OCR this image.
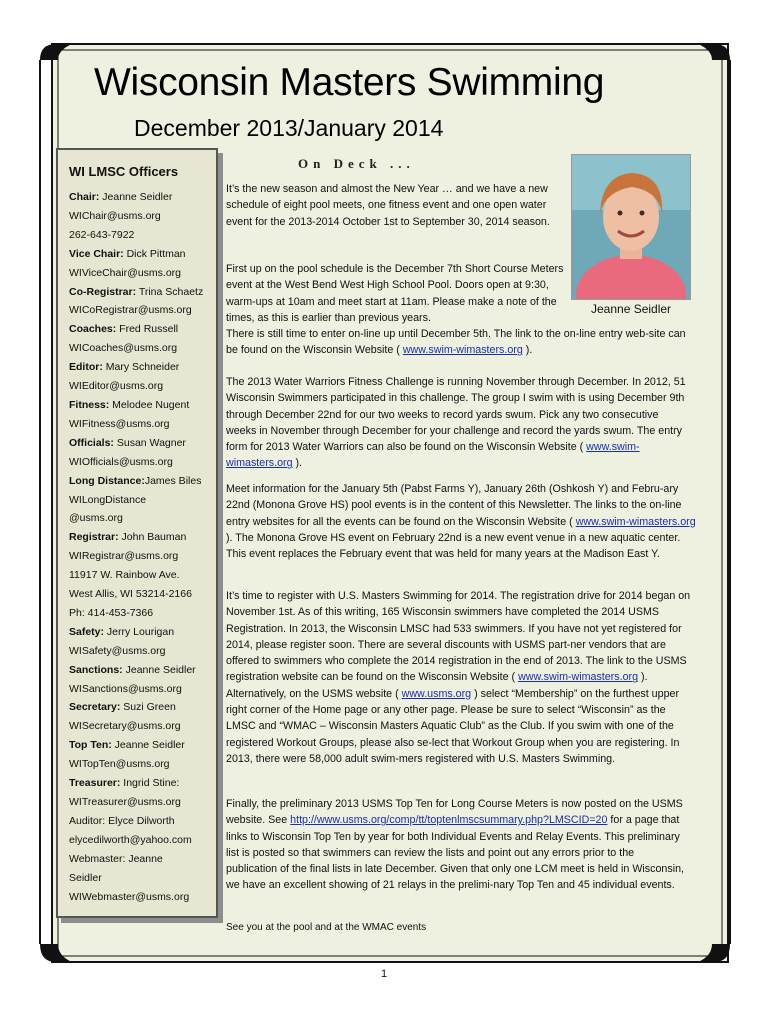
Wisconsin Masters Swimming
December 2013/January 2014
WI LMSC Officers
Chair: Jeanne Seidler
WIChair@usms.org
262-643-7922
Vice Chair: Dick Pittman
WIViceChair@usms.org
Co-Registrar: Trina Schaetz
WICoRegistrar@usms.org
Coaches: Fred Russell
WICoaches@usms.org
Editor: Mary Schneider
WIEditor@usms.org
Fitness: Melodee Nugent
WIFitness@usms.org
Officials: Susan Wagner
WIOfficials@usms.org
Long Distance:James Biles
WILongDistance
@usms.org
Registrar: John Bauman
WIRegistrar@usms.org
11917 W. Rainbow Ave.
West Allis, WI 53214-2166
Ph: 414-453-7366
Safety: Jerry Lourigan
WISafety@usms.org
Sanctions: Jeanne Seidler
WISanctions@usms.org
Secretary: Suzi Green
WISecretary@usms.org
Top Ten: Jeanne Seidler
WITopTen@usms.org
Treasurer: Ingrid Stine:
WITreasurer@usms.org
Auditor: Elyce Dilworth
elycedilworth@yahoo.com
Webmaster: Jeanne
Seidler
WIWebmaster@usms.org
On Deck ...
Jeanne Seidler

It’s the new season and almost the New Year … and we have a new schedule of eight pool meets, one fitness event and one open water event for the 2013-2014 October 1st to September 30, 2014 season.

First up on the pool schedule is the December 7th Short Course Meters event at the West Bend West High School Pool. Doors open at 9:30, warm-ups at 10am and meet start at 11am. Please make a note of the times, as this is earlier than previous years.

There is still time to enter on-line up until December 5th. The link to the on-line entry web-site can be found on the Wisconsin Website ( www.swim-wimasters.org ).

The 2013 Water Warriors Fitness Challenge is running November through December. In 2012, 51 Wisconsin Swimmers participated in this challenge. The group I swim with is using December 9th through December 22nd for our two weeks to record yards swum. Pick any two consecutive weeks in November through December for your challenge and record the yards swum. The entry form for 2013 Water Warriors can also be found on the Wisconsin Website ( www.swim-wimasters.org ).

Meet information for the January 5th (Pabst Farms Y), January 26th (Oshkosh Y) and Febru-ary 22nd (Monona Grove HS) pool events is in the content of this Newsletter. The links to the on-line entry websites for all the events can be found on the Wisconsin Website ( www.swim-wimasters.org ). The Monona Grove HS event on February 22nd is a new event venue in a new aquatic center. This event replaces the February event that was held for many years at the Madison East Y.

It’s time to register with U.S. Masters Swimming for 2014. The registration drive for 2014 began on November 1st. As of this writing, 165 Wisconsin swimmers have completed the 2014 USMS Registration. In 2013, the Wisconsin LMSC had 533 swimmers. If you have not yet registered for 2014, please register soon. There are several discounts with USMS part-ner vendors that are offered to swimmers who complete the 2014 registration in the end of 2013. The link to the USMS registration website can be found on the Wisconsin Website ( www.swim-wimasters.org ). Alternatively, on the USMS website ( www.usms.org ) select “Membership” on the furthest upper right corner of the Home page or any other page. Please be sure to select “Wisconsin” as the LMSC and “WMAC – Wisconsin Masters Aquatic Club” as the Club. If you swim with one of the registered Workout Groups, please also se-lect that Workout Group when you are registering. In 2013, there were 58,000 adult swim-mers registered with U.S. Masters Swimming.

Finally, the preliminary 2013 USMS Top Ten for Long Course Meters is now posted on the USMS website. See http://www.usms.org/comp/tt/toptenlmscsummary.php?LMSCID=20 for a page that links to Wisconsin Top Ten by year for both Individual Events and Relay Events. This preliminary list is posted so that swimmers can review the lists and point out any errors prior to the publication of the final lists in late December. Given that only one LCM meet is held in Wisconsin, we have an excellent showing of 21 relays in the prelimi-nary Top Ten and 45 individual events.

See you at the pool and at the WMAC events
1
